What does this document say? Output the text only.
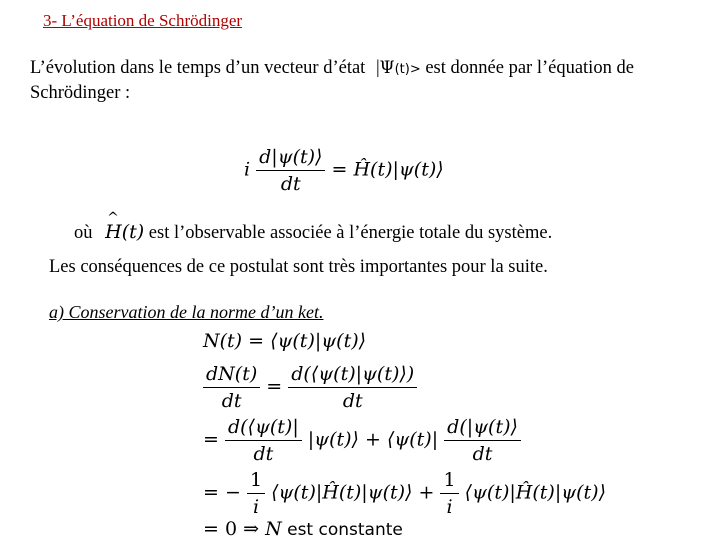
3- L’équation de Schrödinger
L’évolution dans le temps d’un vecteur d’état |Ψ(t)> est donnée par l’équation de
Schrödinger :
i $\frac{d|\psi(t)⟩}{dt}$ = Ĥ(t)|ψ(t)⟩
où ^ H(t) est l’observable associée à l’énergie totale du système.
Les conséquences de ce postulat sont très importantes pour la suite.
a) Conservation de la norme d’un ket.
N(t) = ⟨ψ(t)|ψ(t)⟩
$\frac{dN(t)}{dt} = \frac{d(⟨\psi(t)|\psi(t)⟩)}{dt}$
= $\frac{d(⟨\psi(t)|}{dt}$ |ψ(t)⟩ + ⟨ψ(t)| $\frac{d(|\psi(t)⟩}{dt}$
= − $\frac{1}{i}$ ⟨ψ(t)|Ĥ(t)|ψ(t)⟩ + $\frac{1}{i}$ ⟨ψ(t)|Ĥ(t)|ψ(t)⟩
= 0 ⇒ N est constante
